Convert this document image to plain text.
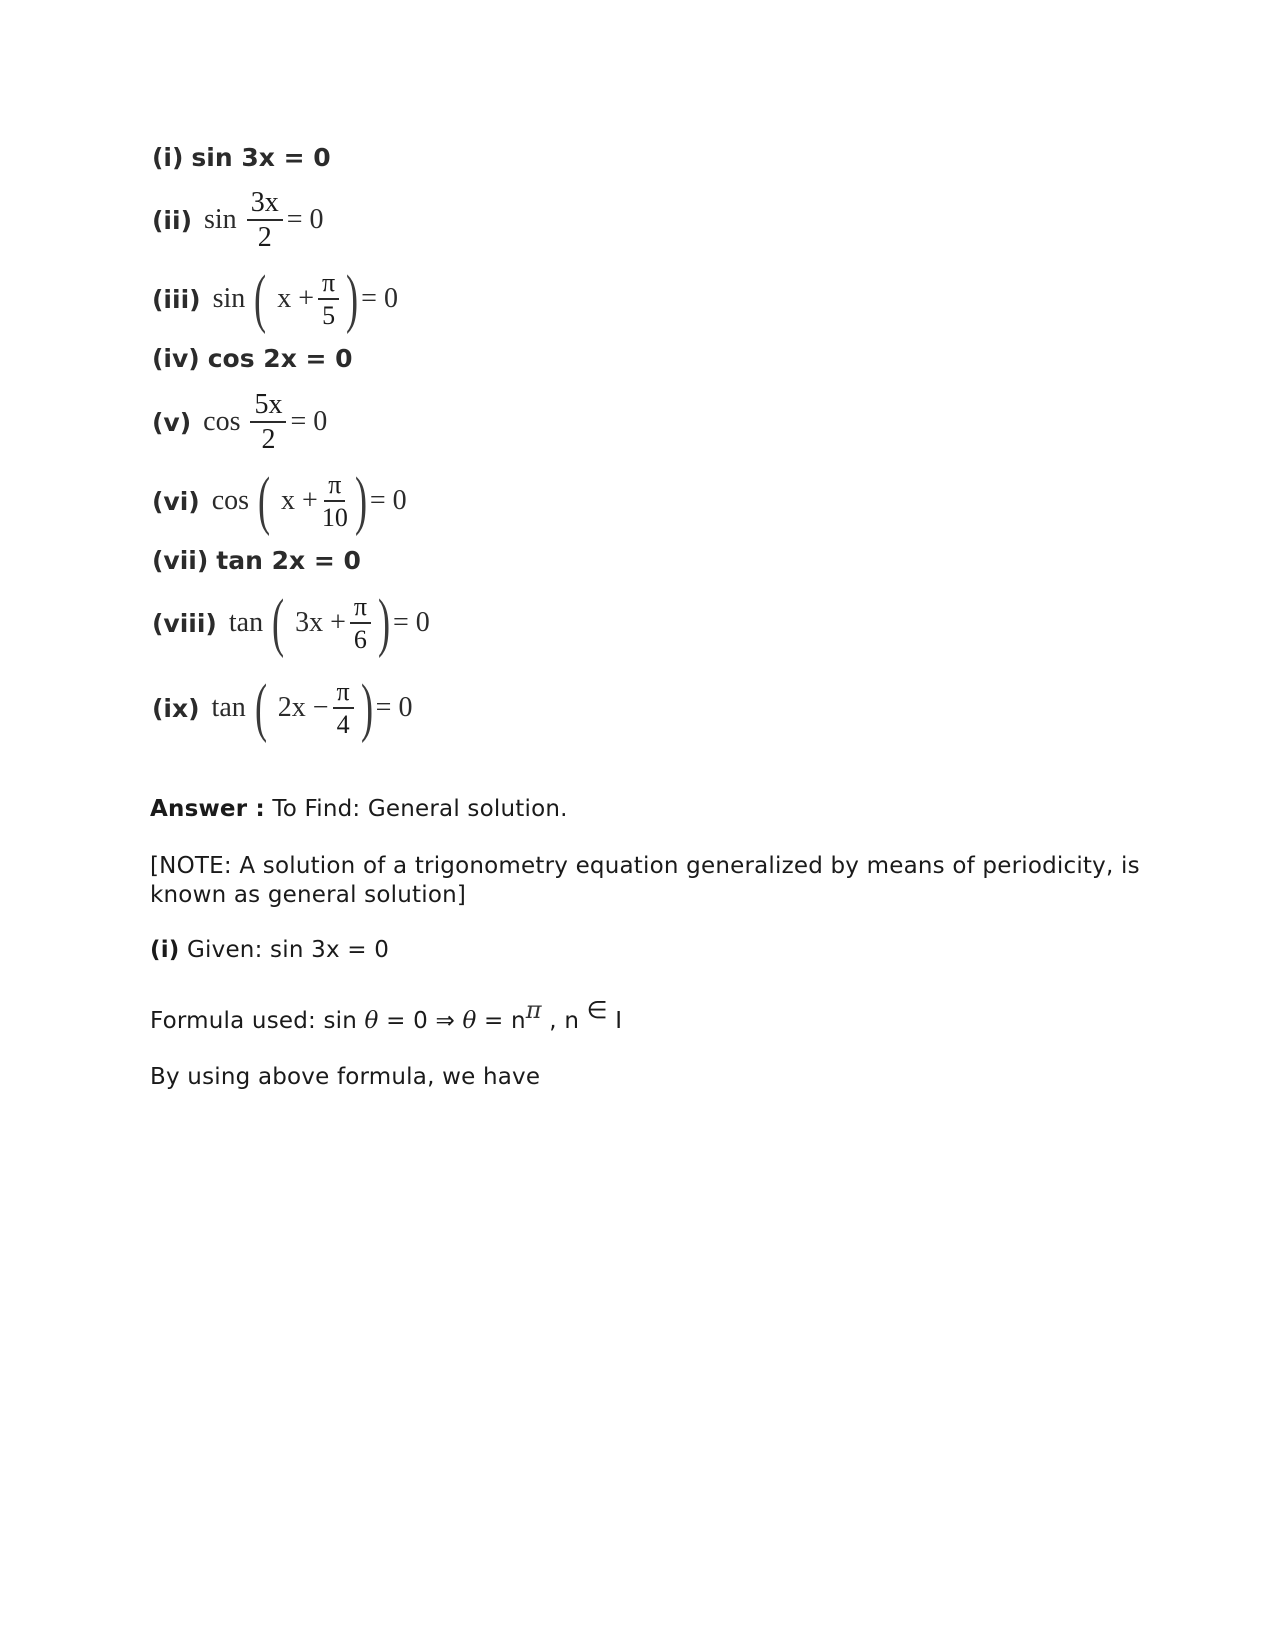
(i) sin 3x = 0
(ii) $\sin \frac{3x}{2} = 0$
(iii) sin ( $x + \frac{\pi}{5}$ ) = 0
(iv) cos 2x = 0
(v) $\cos \frac{5x}{2} = 0$
(vi) cos ( $x + \frac{\pi}{10}$ ) = 0
(vii) tan 2x = 0
(viii) tan ( $3x + \frac{\pi}{6}$ ) = 0
(ix) tan ( $2x - \frac{\pi}{4}$ ) = 0
Answer : To Find: General solution.
[NOTE: A solution of a trigonometry equation generalized by means of periodicity, is
known as general solution]
(i) Given: sin 3x = 0
Formula used: sin θ = 0 ⇒ θ = nπ , n ∈ I
By using above formula, we have
